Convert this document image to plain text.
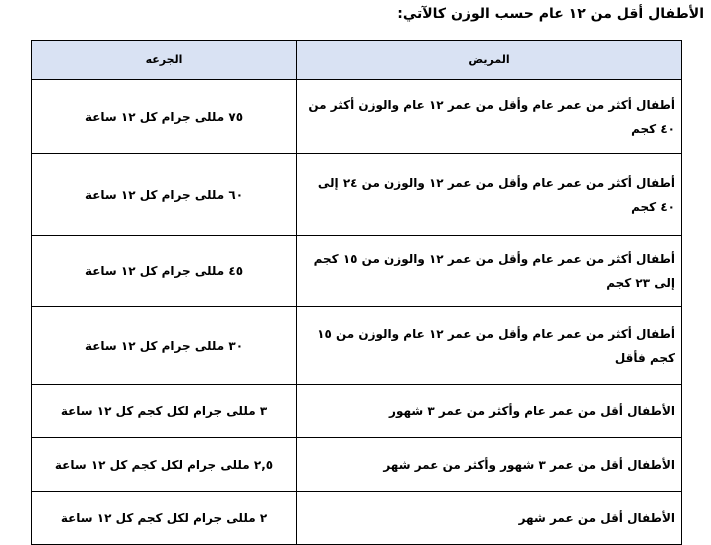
الأطفال أقل من ١٢ عام حسب الوزن كالآتي:
المريض	الجرعه
أطفال أكثر من عمر عام وأقل من عمر ١٢ عام والوزن أكثر من ٤٠ كجم	٧٥ مللى جرام كل ١٢ ساعة
أطفال أكثر من عمر عام وأقل من عمر ١٢ والوزن من ٢٤ إلى ٤٠ كجم	٦٠ مللى جرام كل ١٢ ساعة
أطفال أكثر من عمر عام وأقل من عمر ١٢ والوزن من ١٥ كجم إلى ٢٣ كجم	٤٥ مللى جرام كل ١٢ ساعة
أطفال أكثر من عمر عام وأقل من عمر ١٢ عام والوزن من ١٥ كجم فأقل	٣٠ مللى جرام كل ١٢ ساعة
الأطفال أقل من عمر عام وأكثر من عمر ٣ شهور	٣ مللى جرام لكل كجم كل ١٢ ساعة
الأطفال أقل من عمر ٣ شهور وأكثر من عمر شهر	٢,٥ مللى جرام لكل كجم كل ١٢ ساعة
الأطفال أقل من عمر شهر	٢ مللى جرام لكل كجم كل ١٢ ساعة
